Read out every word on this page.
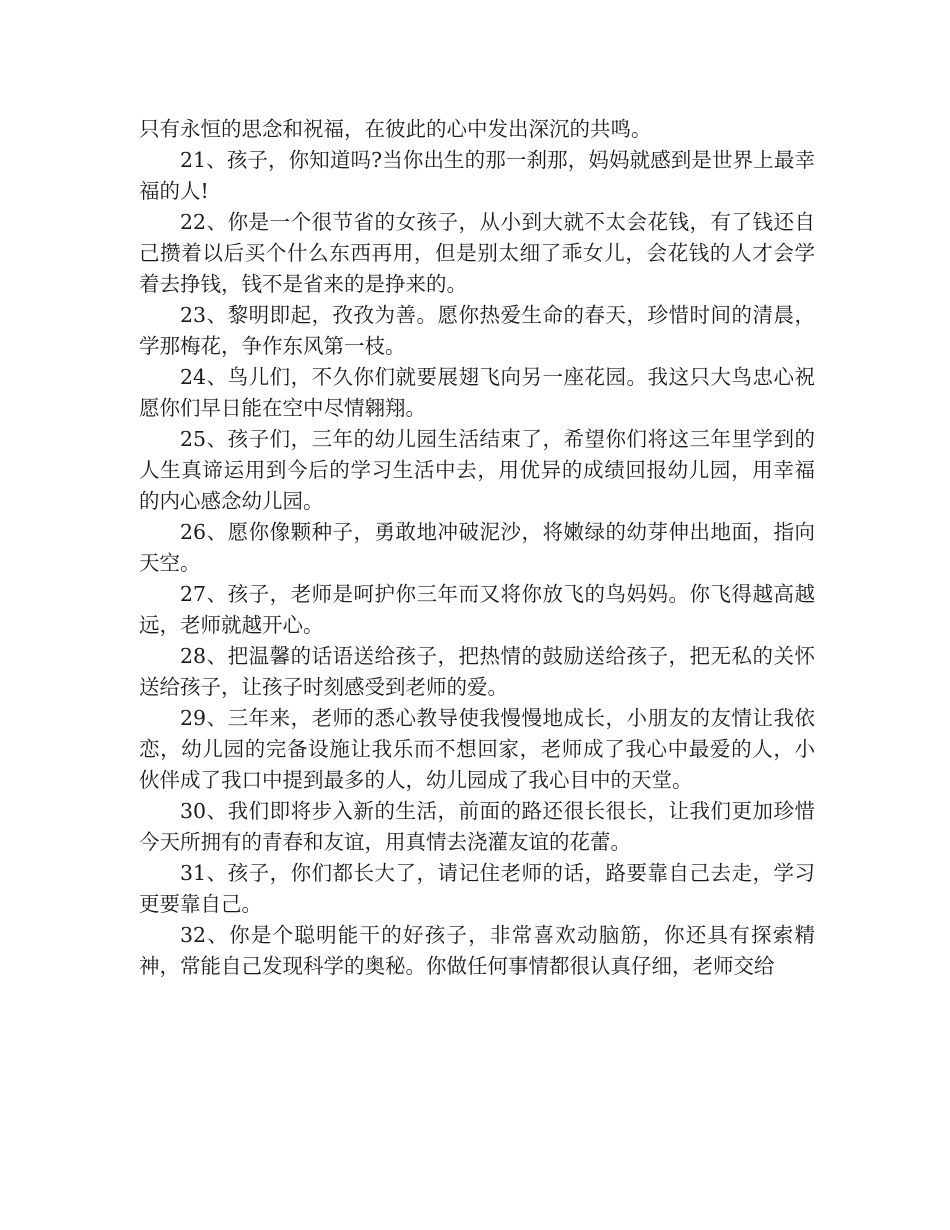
只有永恒的思念和祝福，在彼此的心中发出深沉的共鸣。

21、孩子，你知道吗?当你出生的那一刹那，妈妈就感到是世界上最幸福的人!

22、你是一个很节省的女孩子，从小到大就不太会花钱，有了钱还自己攒着以后买个什么东西再用，但是别太细了乖女儿，会花钱的人才会学着去挣钱，钱不是省来的是挣来的。

23、黎明即起，孜孜为善。愿你热爱生命的春天，珍惜时间的清晨，学那梅花，争作东风第一枝。

24、鸟儿们，不久你们就要展翅飞向另一座花园。我这只大鸟忠心祝愿你们早日能在空中尽情翱翔。

25、孩子们，三年的幼儿园生活结束了，希望你们将这三年里学到的人生真谛运用到今后的学习生活中去，用优异的成绩回报幼儿园，用幸福的内心感念幼儿园。

26、愿你像颗种子，勇敢地冲破泥沙，将嫩绿的幼芽伸出地面，指向天空。

27、孩子，老师是呵护你三年而又将你放飞的鸟妈妈。你飞得越高越远，老师就越开心。

28、把温馨的话语送给孩子，把热情的鼓励送给孩子，把无私的关怀送给孩子，让孩子时刻感受到老师的爱。

29、三年来，老师的悉心教导使我慢慢地成长，小朋友的友情让我依恋，幼儿园的完备设施让我乐而不想回家，老师成了我心中最爱的人，小伙伴成了我口中提到最多的人，幼儿园成了我心目中的天堂。

30、我们即将步入新的生活，前面的路还很长很长，让我们更加珍惜今天所拥有的青春和友谊，用真情去浇灌友谊的花蕾。

31、孩子，你们都长大了，请记住老师的话，路要靠自己去走，学习更要靠自己。

32、你是个聪明能干的好孩子，非常喜欢动脑筋，你还具有探索精神，常能自己发现科学的奥秘。你做任何事情都很认真仔细，老师交给
